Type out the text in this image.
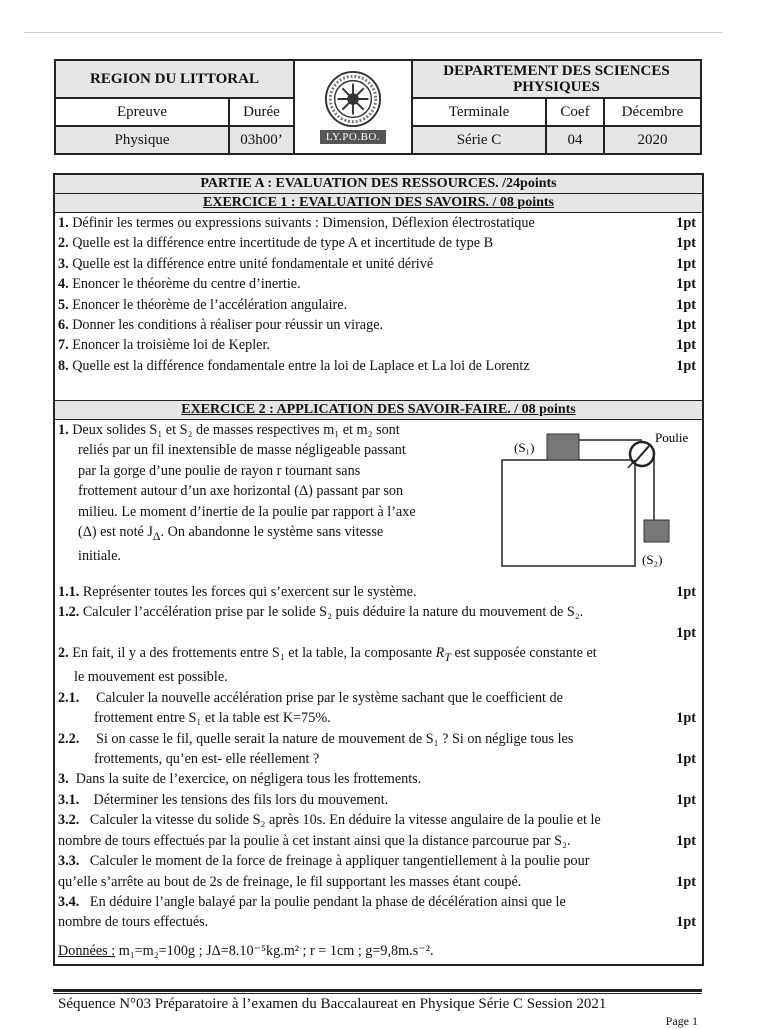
REGION DU LITTORAL		LY.PO.BO.	DEPARTEMENT DES SCIENCES PHYSIQUES		
Epreuve	Durée		Terminale	Coef	Décembre
Physique	03h00’		Série C	04	2020
PARTIE A : EVALUATION DES RESSOURCES. /24points
EXERCICE 1 : EVALUATION DES SAVOIRS. / 08 points
1. Définir les termes ou expressions suivants : Dimension, Déflexion électrostatique	1pt
2. Quelle est la différence entre incertitude de type A et incertitude de type B	1pt
3. Quelle est la différence entre unité fondamentale et unité dérivé	1pt
4. Enoncer le théorème du centre d’inertie.	1pt
5. Enoncer le théorème de l’accélération angulaire.	1pt
6. Donner les conditions à réaliser pour réussir un virage.	1pt
7. Enoncer la troisième loi de Kepler.	1pt
8. Quelle est la différence fondamentale entre la loi de Laplace et La loi de Lorentz	1pt
EXERCICE 2 : APPLICATION DES SAVOIR-FAIRE. / 08 points
1. Deux solides S₁ et S₂ de masses respectives m₁ et m₂ sont
reliés par un fil inextensible de masse négligeable passant
par la gorge d’une poulie de rayon r tournant sans
frottement autour d’un axe horizontal (Δ) passant par son
milieu. Le moment d’inertie de la poulie par rapport à l’axe
(Δ) est noté $J_\Delta$. On abandonne le système sans vitesse
initiale.
(S₁)
Poulie
(S₂)
1.1. Représenter toutes les forces qui s’exercent sur le système.	1pt
1.2. Calculer l’accélération prise par le solide S₂ puis déduire la nature du mouvement de S₂.
1pt
2. En fait, il y a des frottements entre S₁ et la table, la composante $R_T$ est supposée constante et
le mouvement est possible.
2.1.	Calculer la nouvelle accélération prise par le système sachant que le coefficient de
frottement entre S₁ et la table est K=75%.	1pt
2.2.	Si on casse le fil, quelle serait la nature de mouvement de S₁ ? Si on néglige tous les
frottements, qu’en est- elle réellement ?	1pt
3. Dans la suite de l’exercice, on négligera tous les frottements.
3.1. Déterminer les tensions des fils lors du mouvement.	1pt
3.2. Calculer la vitesse du solide S₂ après 10s. En déduire la vitesse angulaire de la poulie et le
nombre de tours effectués par la poulie à cet instant ainsi que la distance parcourue par S₂.	1pt
3.3. Calculer le moment de la force de freinage à appliquer tangentiellement à la poulie pour
qu’elle s’arrête au bout de 2s de freinage, le fil supportant les masses étant coupé.	1pt
3.4. En déduire l’angle balayé par la poulie pendant la phase de décélération ainsi que le
nombre de tours effectués.	1pt
Données : m₁=m₂=100g ; JΔ=8.10⁻⁵kg.m² ; r = 1cm ; g=9,8m.s⁻².
Séquence N°03 Préparatoire à l’examen du Baccalaureat en Physique Série C Session 2021
Page 1
